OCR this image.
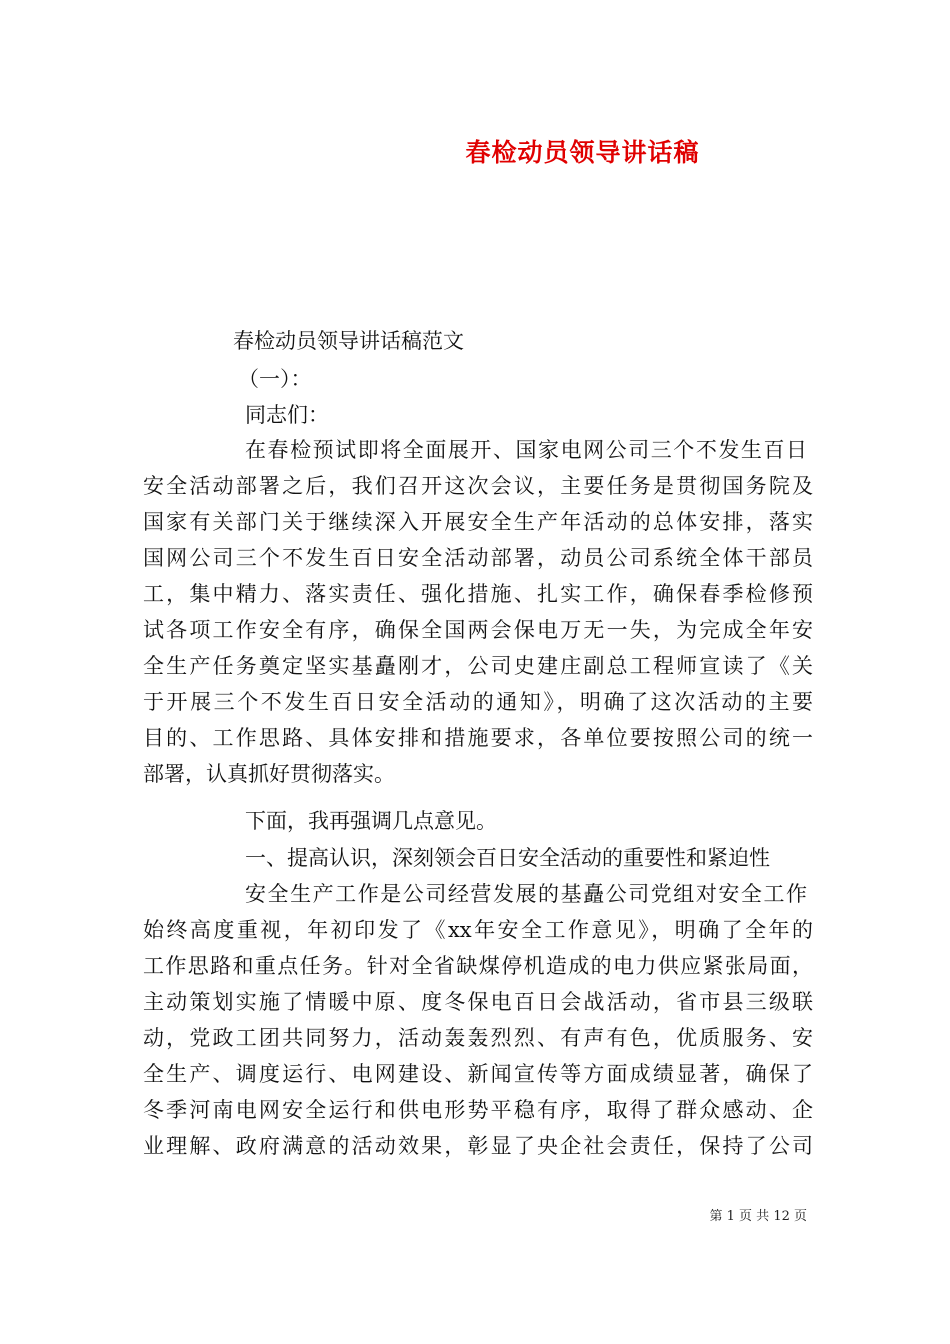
春检动员领导讲话稿
春检动员领导讲话稿范文
（一）：
同志们：
在春检预试即将全面展开、国家电网公司三个不发生百日
安全活动部署之后，我们召开这次会议，主要任务是贯彻国务院及
国家有关部门关于继续深入开展安全生产年活动的总体安排，落实
国网公司三个不发生百日安全活动部署，动员公司系统全体干部员
工，集中精力、落实责任、强化措施、扎实工作，确保春季检修预
试各项工作安全有序，确保全国两会保电万无一失，为完成全年安
全生产任务奠定坚实基矗刚才，公司史建庄副总工程师宣读了《关
于开展三个不发生百日安全活动的通知》，明确了这次活动的主要
目的、工作思路、具体安排和措施要求，各单位要按照公司的统一
部署，认真抓好贯彻落实。
下面，我再强调几点意见。
一、提高认识，深刻领会百日安全活动的重要性和紧迫性
安全生产工作是公司经营发展的基矗公司党组对安全工作
始终高度重视，年初印发了《xx年安全工作意见》，明确了全年的
工作思路和重点任务。针对全省缺煤停机造成的电力供应紧张局面，
主动策划实施了情暖中原、度冬保电百日会战活动，省市县三级联
动，党政工团共同努力，活动轰轰烈烈、有声有色，优质服务、安
全生产、调度运行、电网建设、新闻宣传等方面成绩显著，确保了
冬季河南电网安全运行和供电形势平稳有序，取得了群众感动、企
业理解、政府满意的活动效果，彰显了央企社会责任，保持了公司
第 1 页 共 12 页
